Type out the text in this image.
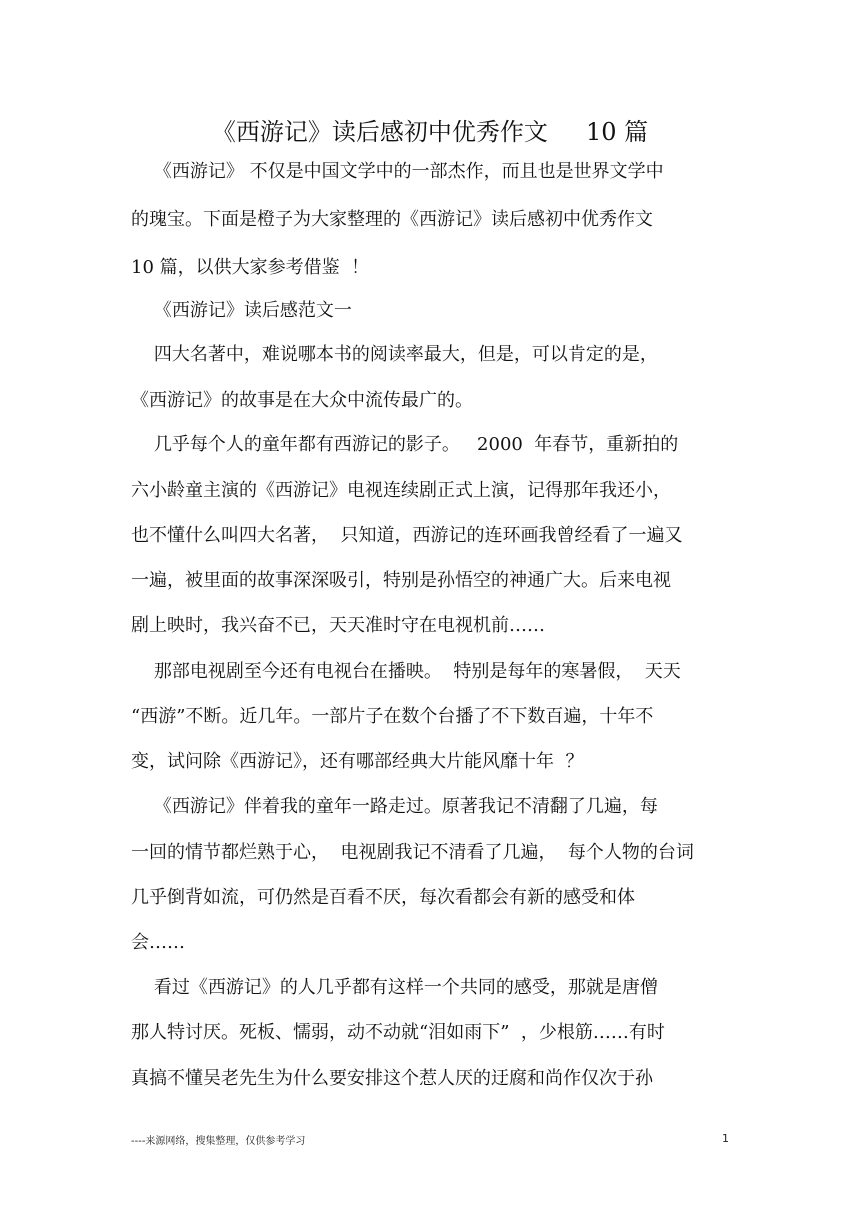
《西游记》读后感初中优秀作文     10 篇
《西游记》 不仅是中国文学中的一部杰作，而且也是世界文学中
的瑰宝。下面是橙子为大家整理的《西游记》读后感初中优秀作文
10 篇，以供大家参考借鉴  ！
《西游记》读后感范文一
四大名著中，难说哪本书的阅读率最大，但是，可以肯定的是，
《西游记》的故事是在大众中流传最广的。
几乎每个人的童年都有西游记的影子。   2000  年春节，重新拍的
六小龄童主演的《西游记》电视连续剧正式上演，记得那年我还小，
也不懂什么叫四大名著，  只知道，西游记的连环画我曾经看了一遍又
一遍，被里面的故事深深吸引，特别是孙悟空的神通广大。后来电视
剧上映时，我兴奋不已，天天准时守在电视机前……
那部电视剧至今还有电视台在播映。  特别是每年的寒暑假，  天天
“西游”不断。近几年。一部片子在数个台播了不下数百遍，十年不
变，试问除《西游记》，还有哪部经典大片能风靡十年  ？
《西游记》伴着我的童年一路走过。原著我记不清翻了几遍，每
一回的情节都烂熟于心，  电视剧我记不清看了几遍，  每个人物的台词
几乎倒背如流，可仍然是百看不厌，每次看都会有新的感受和体
会……
看过《西游记》的人几乎都有这样一个共同的感受，那就是唐僧
那人特讨厌。死板、懦弱，动不动就“泪如雨下”  ，少根筋……有时
真搞不懂吴老先生为什么要安排这个惹人厌的迂腐和尚作仅次于孙
----来源网络，搜集整理，仅供参考学习	1
